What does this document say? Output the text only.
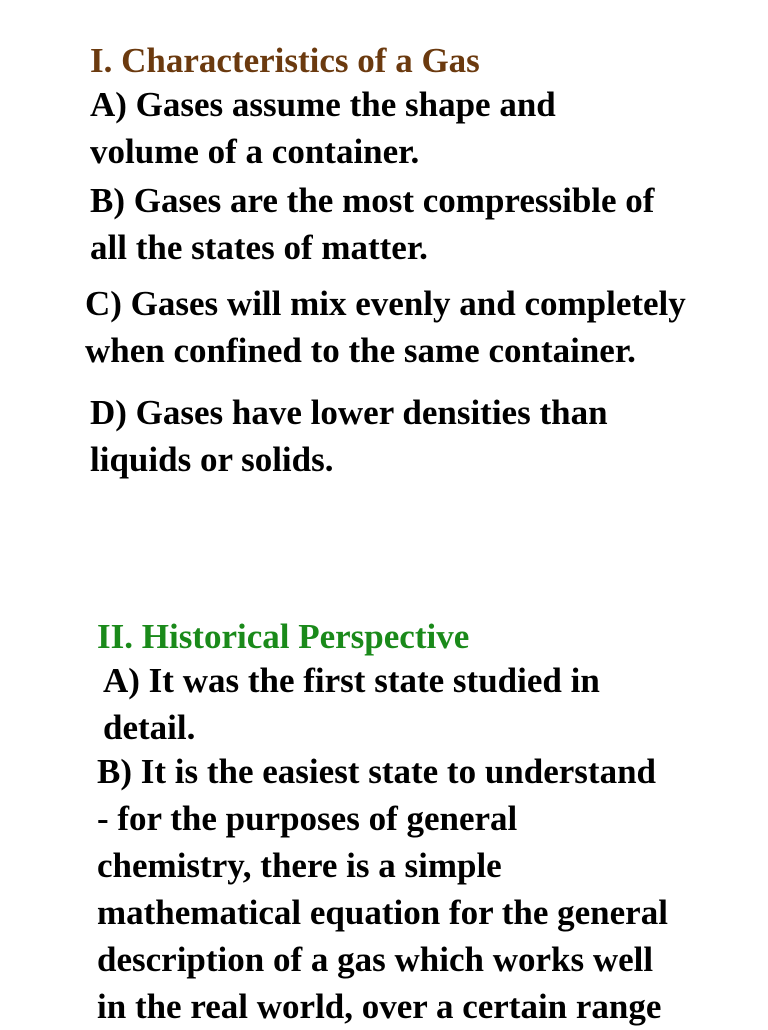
I. Characteristics of a Gas
A) Gases assume the shape and
volume of a container.
B) Gases are the most compressible of
all the states of matter.
C) Gases will mix evenly and completely
when confined to the same container.
D) Gases have lower densities than
liquids or solids.
II. Historical Perspective
A) It was the first state studied in
detail.
B) It is the easiest state to understand
- for the purposes of general
chemistry, there is a simple
mathematical equation for the general
description of a gas which works well
in the real world, over a certain range
